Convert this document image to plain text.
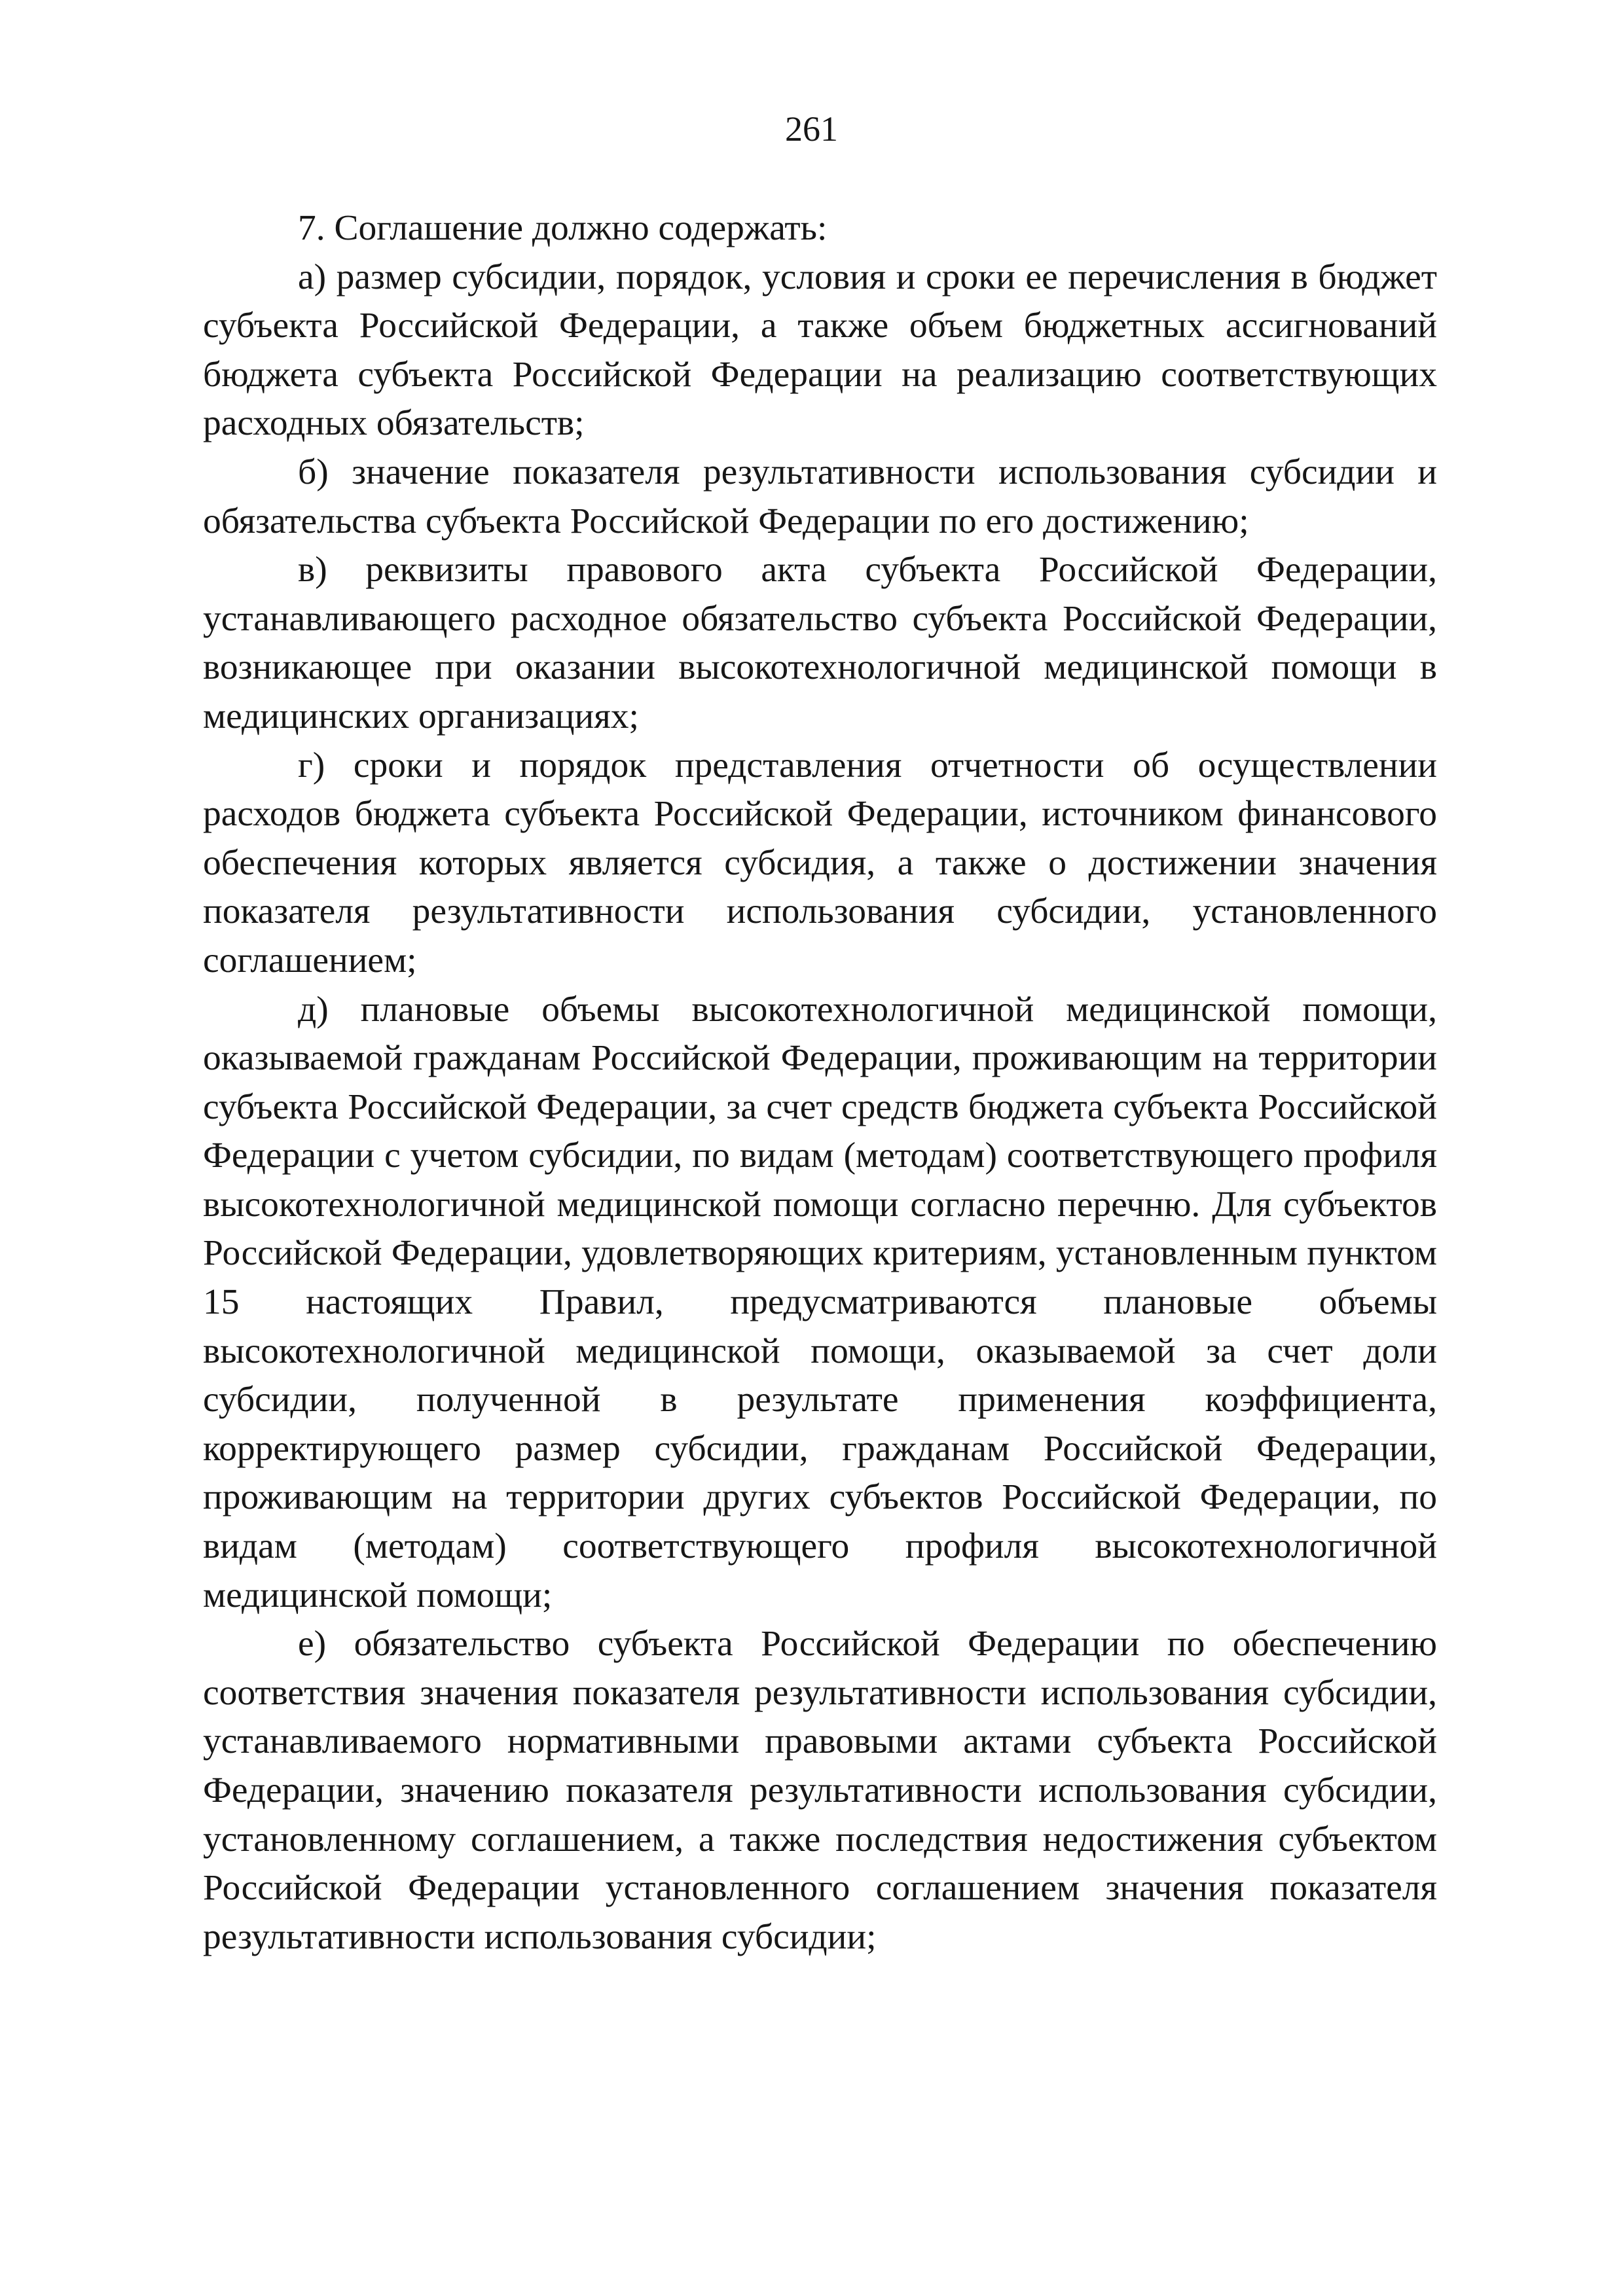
261

7. Соглашение должно содержать:

а) размер субсидии, порядок, условия и сроки ее перечисления в бюджет субъекта Российской Федерации, а также объем бюджетных ассигнований бюджета субъекта Российской Федерации на реализацию соответствующих расходных обязательств;

б) значение показателя результативности использования субсидии и обязательства субъекта Российской Федерации по его достижению;

в) реквизиты правового акта субъекта Российской Федерации, устанавливающего расходное обязательство субъекта Российской Федерации, возникающее при оказании высокотехнологичной медицинской помощи в медицинских организациях;

г) сроки и порядок представления отчетности об осуществлении расходов бюджета субъекта Российской Федерации, источником финансового обеспечения которых является субсидия, а также о достижении значения показателя результативности использования субсидии, установленного соглашением;

д) плановые объемы высокотехнологичной медицинской помощи, оказываемой гражданам Российской Федерации, проживающим на территории субъекта Российской Федерации, за счет средств бюджета субъекта Российской Федерации с учетом субсидии, по видам (методам) соответствующего профиля высокотехнологичной медицинской помощи согласно перечню. Для субъектов Российской Федерации, удовлетворяющих критериям, установленным пунктом 15 настоящих Правил, предусматриваются плановые объемы высокотехнологичной медицинской помощи, оказываемой за счет доли субсидии, полученной в результате применения коэффициента, корректирующего размер субсидии, гражданам Российской Федерации, проживающим на территории других субъектов Российской Федерации, по видам (методам) соответствующего профиля высокотехнологичной медицинской помощи;

е) обязательство субъекта Российской Федерации по обеспечению соответствия значения показателя результативности использования субсидии, устанавливаемого нормативными правовыми актами субъекта Российской Федерации, значению показателя результативности использования субсидии, установленному соглашением, а также последствия недостижения субъектом Российской Федерации установленного соглашением значения показателя результативности использования субсидии;
